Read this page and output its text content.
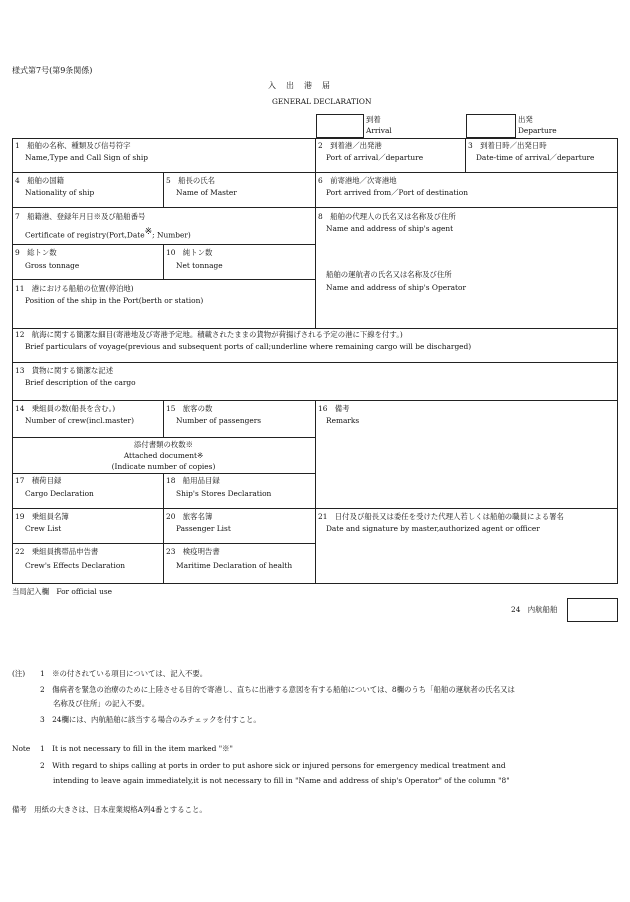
様式第7号(第9条関係)
入　出　港　届
GENERAL DECLARATION
到着
Arrival
出発
Departure
1　船舶の名称、種類及び信号符字
Name,Type and Call Sign of ship
2　到着港／出発港
Port of arrival／departure
3　到着日時／出発日時
Date-time of arrival／departure
4　船舶の国籍
Nationality of ship
5　船長の氏名
Name of Master
6　前寄港地／次寄港地
Port arrived from／Port of destination
7　船籍港、登録年月日※及び船舶番号
Certificate of registry(Port,Date※; Number)
8　船舶の代理人の氏名又は名称及び住所
Name and address of ship's agent
船舶の運航者の氏名又は名称及び住所
Name and address of ship's Operator
9　総トン数
Gross tonnage
10　純トン数
Net tonnage
11　港における船舶の位置(停泊地)
Position of the ship in the Port(berth or station)
12　航海に関する簡潔な細目(寄港地及び寄港予定地。積載されたままの貨物が荷揚げされる予定の港に下線を付す。)
Brief particulars of voyage(previous and subsequent ports of call;underline where remaining cargo will be discharged)
13　貨物に関する簡潔な記述
Brief description of the cargo
14　乗組員の数(船長を含む。)
Number of crew(incl.master)
15　旅客の数
Number of passengers
16　備考
Remarks
添付書類の枚数※
Attached document※
(Indicate number of copies)
17　積荷目録
Cargo Declaration
18　船用品目録
Ship's Stores Declaration
19　乗組員名簿
Crew List
20　旅客名簿
Passenger List
21　日付及び船長又は委任を受けた代理人若しくは船舶の職員による署名
Date and signature by master,authorized agent or officer
22　乗組員携帯品申告書
Crew's Effects Declaration
23　検疫明告書
Maritime Declaration of health
当局記入欄　For official use
24　内航船舶
(注) 1　※の付されている項目については、記入不要。
2　傷病者を緊急の治療のために上陸させる目的で寄港し、直ちに出港する意図を有する船舶については、8欄のうち「船舶の運航者の氏名又は
名称及び住所」の記入不要。
3　24欄には、内航船舶に該当する場合のみチェックを付すこと。
Note 1　It is not necessary to fill in the item marked "※"
2　With regard to ships calling at ports in order to put ashore sick or injured persons for emergency medical treatment and
intending to leave again immediately,it is not necessary to fill in "Name and address of ship's Operator" of the column "8"
備考　用紙の大きさは、日本産業規格A列4番とすること。
